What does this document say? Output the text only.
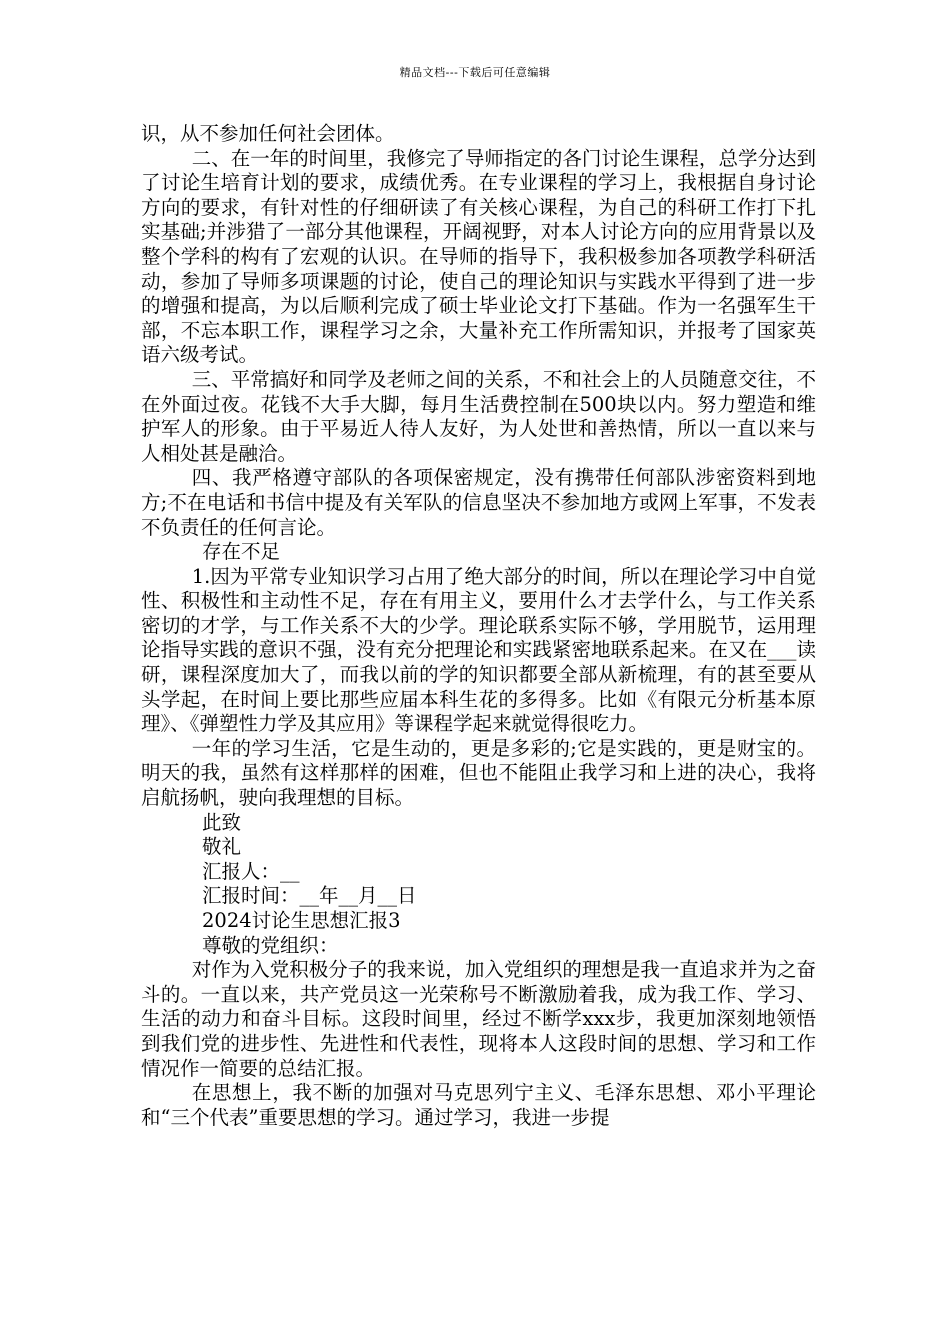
精品文档---下载后可任意编辑

识，从不参加任何社会团体。

二、在一年的时间里，我修完了导师指定的各门讨论生课程，总学分达到了讨论生培育计划的要求，成绩优秀。在专业课程的学习上，我根据自身讨论方向的要求，有针对性的仔细研读了有关核心课程，为自己的科研工作打下扎实基础;并涉猎了一部分其他课程，开阔视野，对本人讨论方向的应用背景以及整个学科的构有了宏观的认识。在导师的指导下，我积极参加各项教学科研活动，参加了导师多项课题的讨论，使自己的理论知识与实践水平得到了进一步的增强和提高，为以后顺利完成了硕士毕业论文打下基础。作为一名强军生干部，不忘本职工作，课程学习之余，大量补充工作所需知识，并报考了国家英语六级考试。

三、平常搞好和同学及老师之间的关系，不和社会上的人员随意交往，不在外面过夜。花钱不大手大脚，每月生活费控制在500块以内。努力塑造和维护军人的形象。由于平易近人待人友好，为人处世和善热情，所以一直以来与人相处甚是融洽。

四、我严格遵守部队的各项保密规定，没有携带任何部队涉密资料到地方;不在电话和书信中提及有关军队的信息坚决不参加地方或网上军事，不发表不负责任的任何言论。

存在不足

1.因为平常专业知识学习占用了绝大部分的时间，所以在理论学习中自觉性、积极性和主动性不足，存在有用主义，要用什么才去学什么，与工作关系密切的才学，与工作关系不大的少学。理论联系实际不够，学用脱节，运用理论指导实践的意识不强，没有充分把理论和实践紧密地联系起来。在又在___读研，课程深度加大了，而我以前的学的知识都要全部从新梳理，有的甚至要从头学起，在时间上要比那些应届本科生花的多得多。比如《有限元分析基本原理》、《弹塑性力学及其应用》等课程学起来就觉得很吃力。

一年的学习生活，它是生动的，更是多彩的;它是实践的，更是财宝的。明天的我，虽然有这样那样的困难，但也不能阻止我学习和上进的决心，我将启航扬帆，驶向我理想的目标。

此致

敬礼

汇报人：__

汇报时间：__年__月__日

2024讨论生思想汇报3

尊敬的党组织：

对作为入党积极分子的我来说，加入党组织的理想是我一直追求并为之奋斗的。一直以来，共产党员这一光荣称号不断激励着我，成为我工作、学习、生活的动力和奋斗目标。这段时间里，经过不断学xxx步，我更加深刻地领悟到我们党的进步性、先进性和代表性，现将本人这段时间的思想、学习和工作情况作一简要的总结汇报。

在思想上，我不断的加强对马克思列宁主义、毛泽东思想、邓小平理论和“三个代表”重要思想的学习。通过学习，我进一步提
